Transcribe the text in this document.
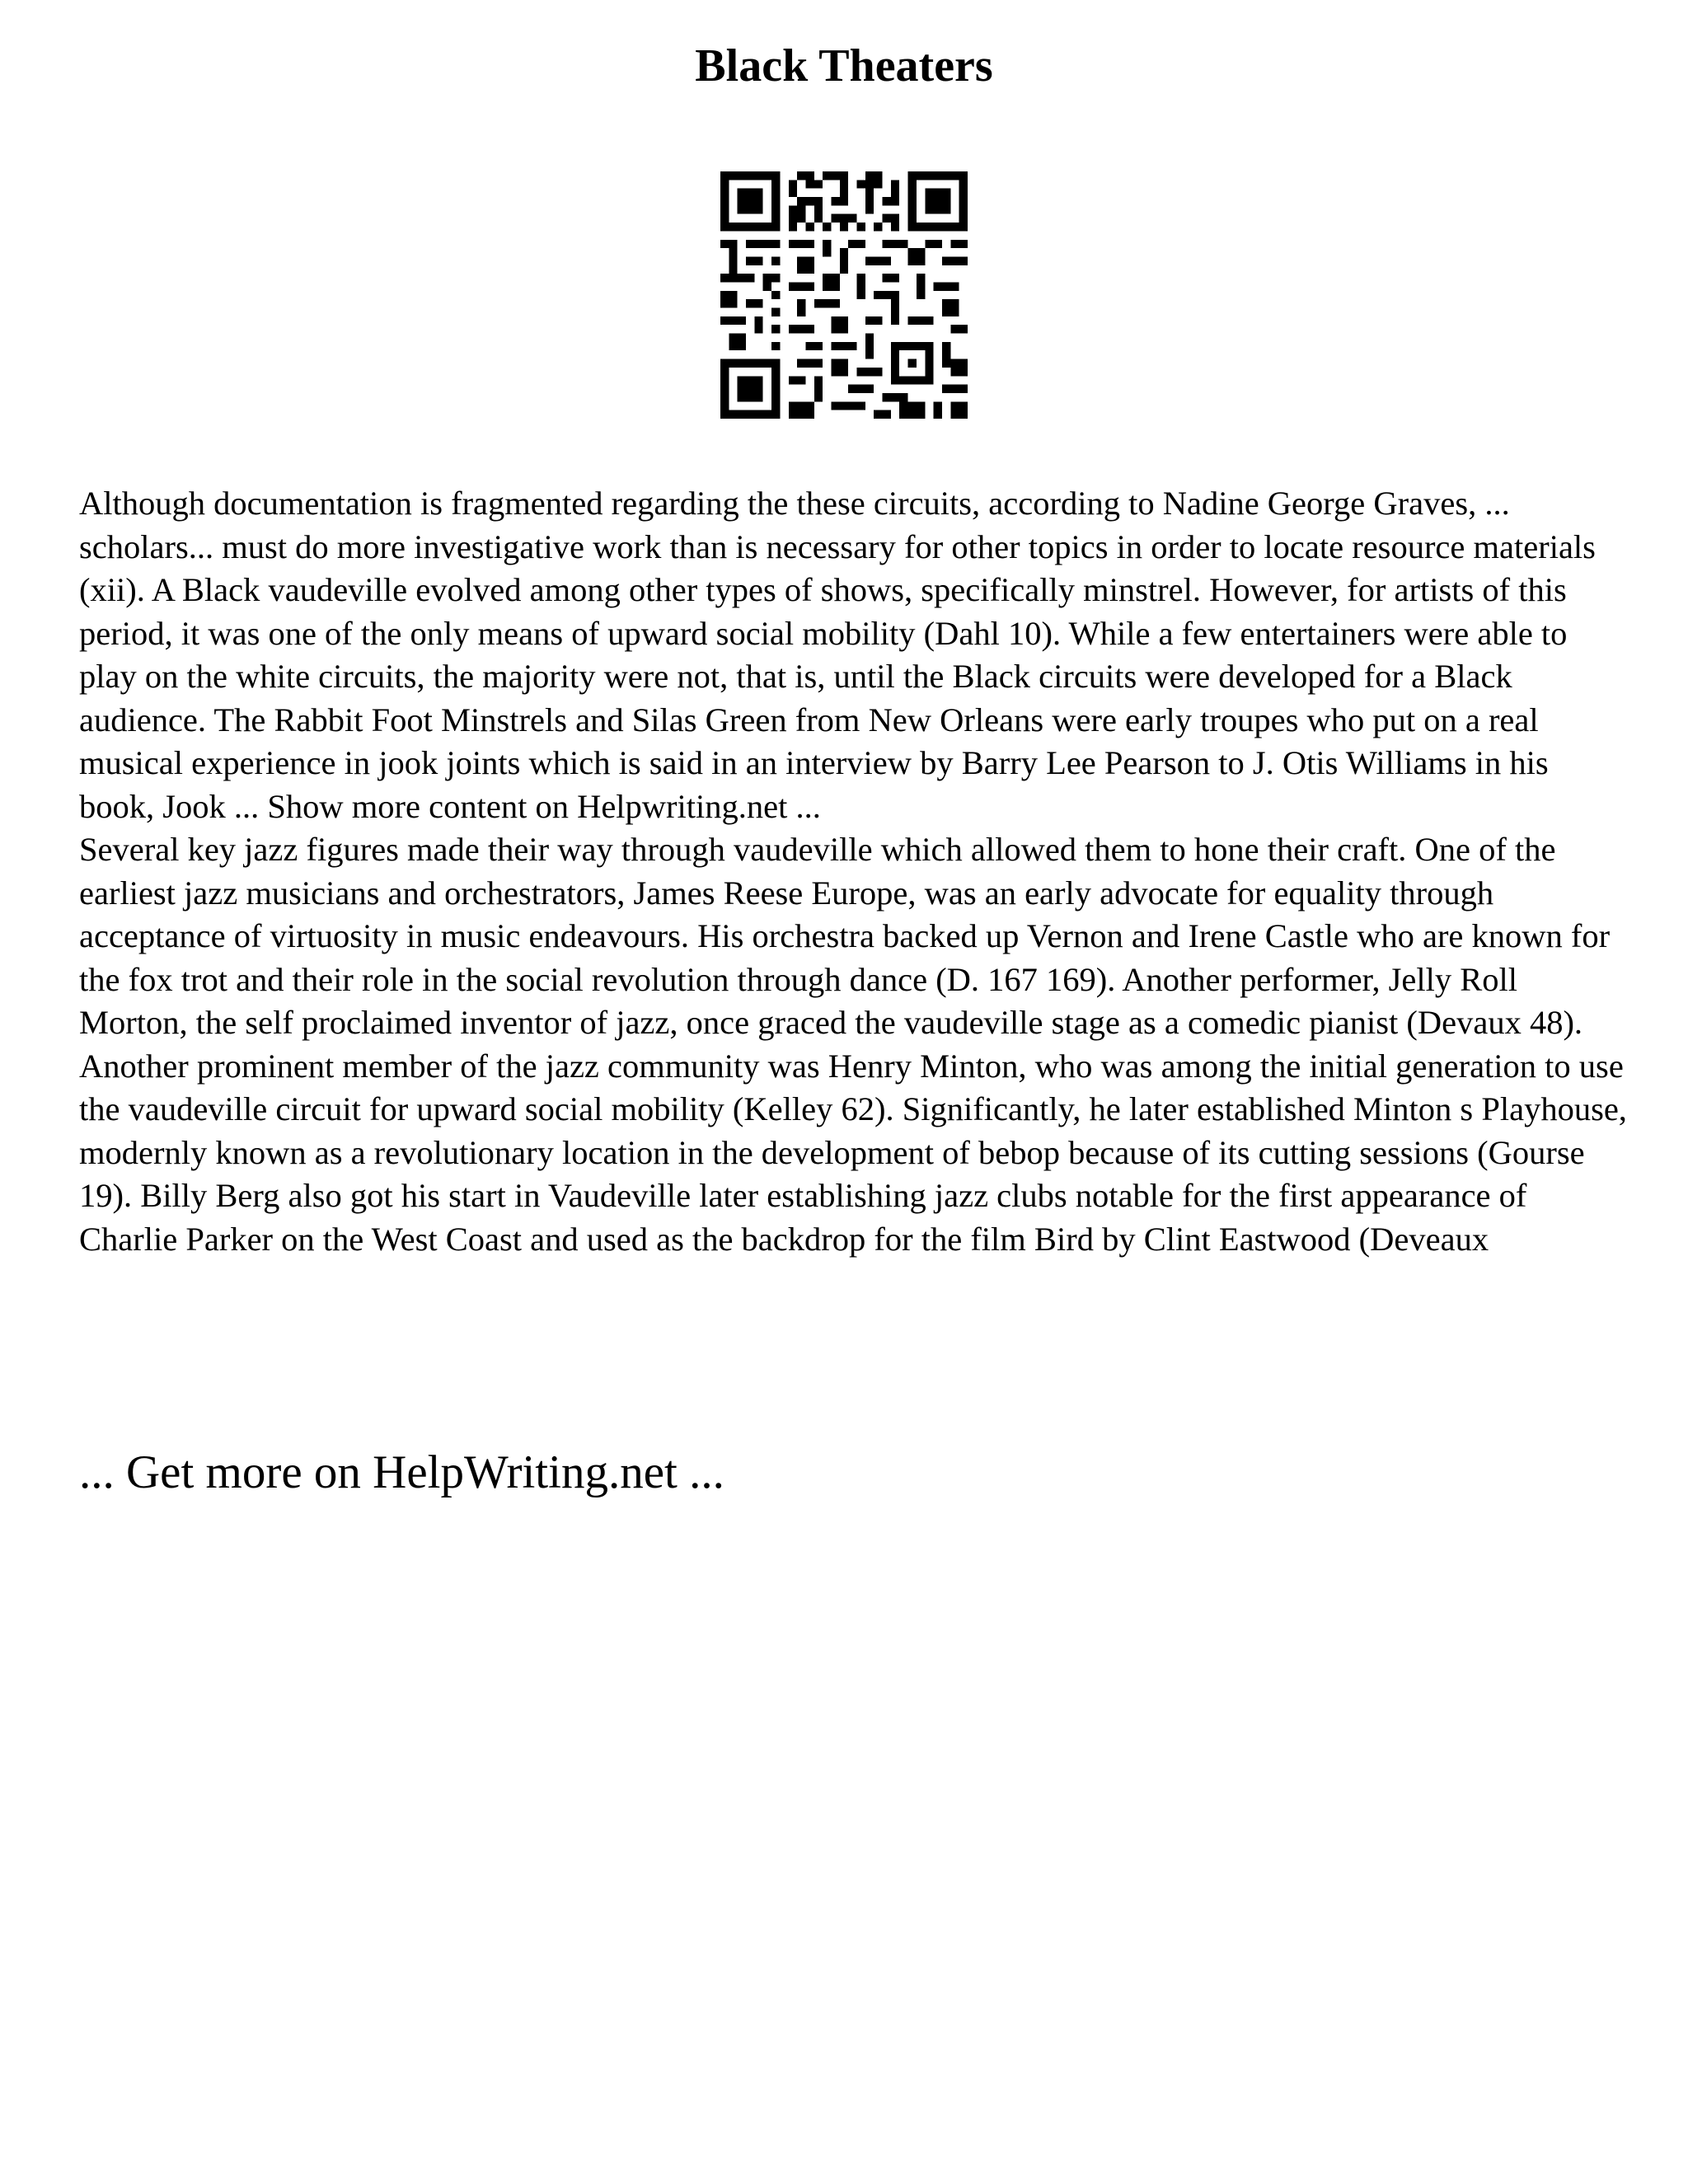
Black Theaters

Although documentation is fragmented regarding the these circuits, according to Nadine George Graves, ... scholars... must do more investigative work than is necessary for other topics in order to locate resource materials (xii). A Black vaudeville evolved among other types of shows, specifically minstrel. However, for artists of this period, it was one of the only means of upward social mobility (Dahl 10). While a few entertainers were able to play on the white circuits, the majority were not, that is, until the Black circuits were developed for a Black audience. The Rabbit Foot Minstrels and Silas Green from New Orleans were early troupes who put on a real musical experience in jook joints which is said in an interview by Barry Lee Pearson to J. Otis Williams in his book, Jook ... Show more content on Helpwriting.net ...

Several key jazz figures made their way through vaudeville which allowed them to hone their craft. One of the earliest jazz musicians and orchestrators, James Reese Europe, was an early advocate for equality through acceptance of virtuosity in music endeavours. His orchestra backed up Vernon and Irene Castle who are known for the fox trot and their role in the social revolution through dance (D. 167 169). Another performer, Jelly Roll Morton, the self proclaimed inventor of jazz, once graced the vaudeville stage as a comedic pianist (Devaux 48). Another prominent member of the jazz community was Henry Minton, who was among the initial generation to use the vaudeville circuit for upward social mobility (Kelley 62). Significantly, he later established Minton s Playhouse, modernly known as a revolutionary location in the development of bebop because of its cutting sessions (Gourse 19). Billy Berg also got his start in Vaudeville later establishing jazz clubs notable for the first appearance of Charlie Parker on the West Coast and used as the backdrop for the film Bird by Clint Eastwood (Deveaux

... Get more on HelpWriting.net ...
